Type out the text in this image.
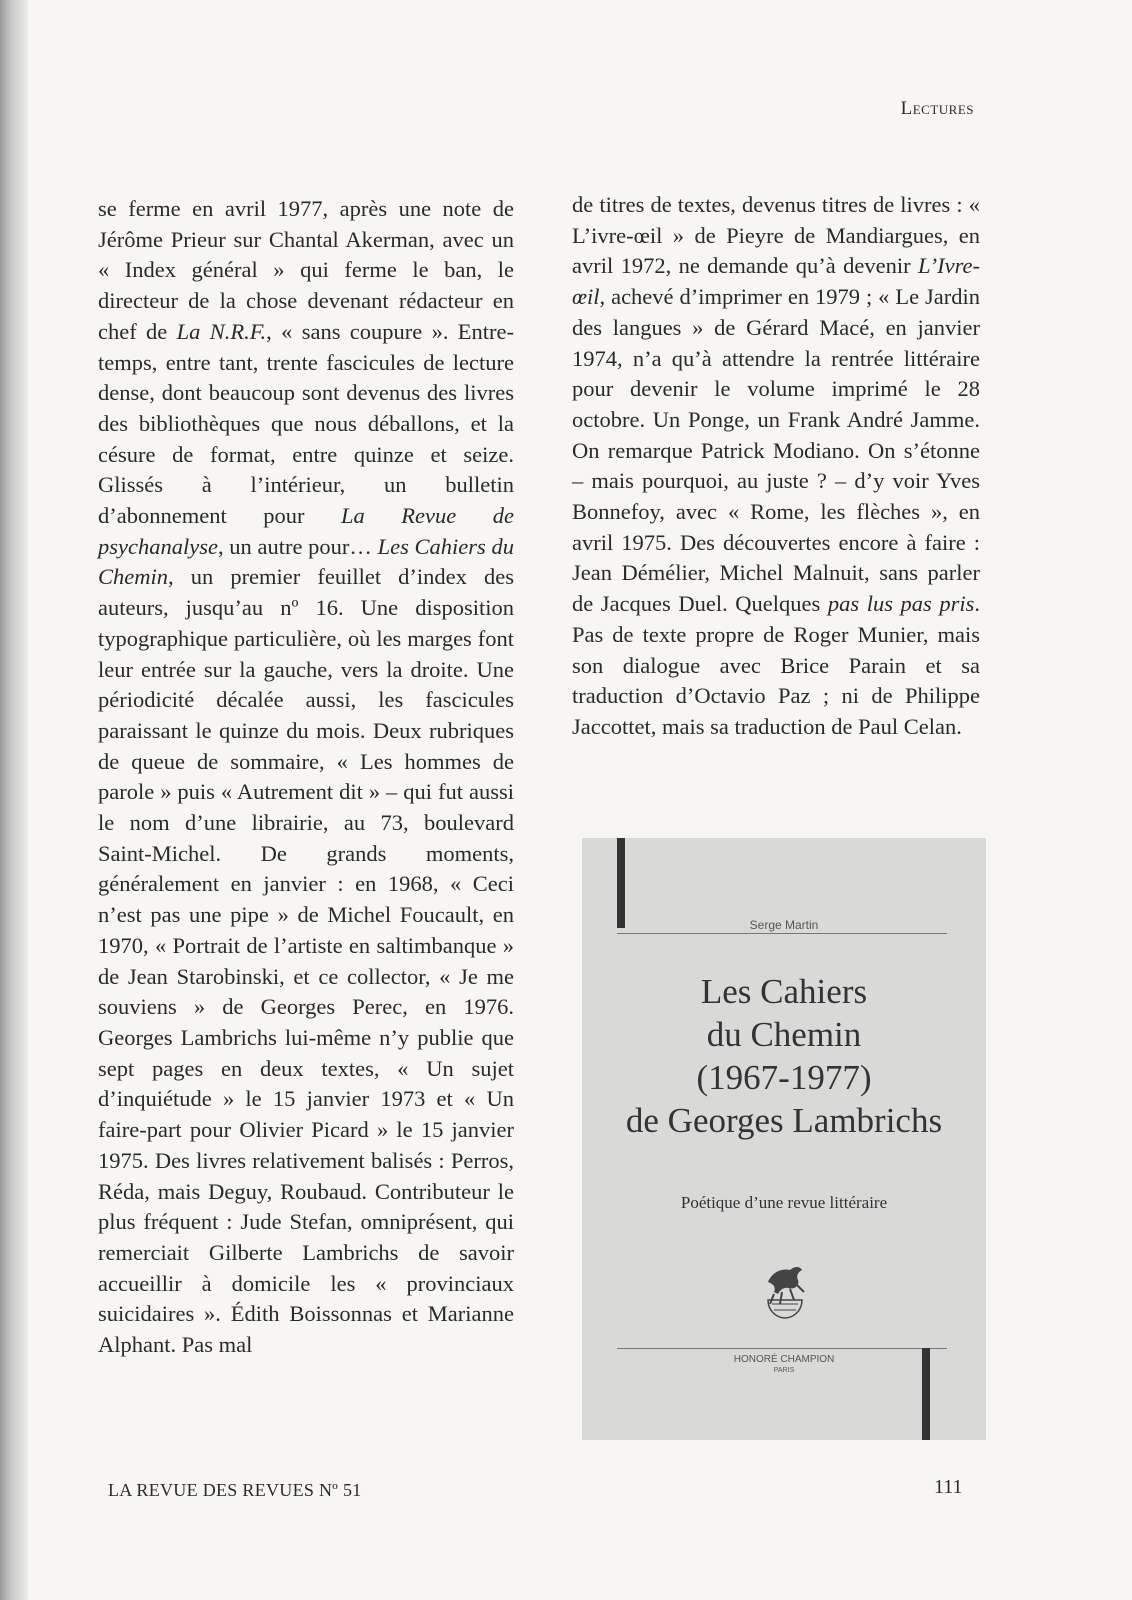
Lectures

se ferme en avril 1977, après une note de Jérôme Prieur sur Chantal Akerman, avec un « Index général » qui ferme le ban, le directeur de la chose devenant rédacteur en chef de La N.R.F., « sans coupure ». Entre-temps, entre tant, trente fascicules de lecture dense, dont beaucoup sont devenus des livres des bibliothèques que nous déballons, et la césure de format, entre quinze et seize. Glissés à l’intérieur, un bulletin d’abonnement pour La Revue de psychanalyse, un autre pour… Les Cahiers du Chemin, un premier feuillet d’index des auteurs, jusqu’au nº 16. Une disposition typographique particulière, où les marges font leur entrée sur la gauche, vers la droite. Une périodicité décalée aussi, les fascicules paraissant le quinze du mois. Deux rubriques de queue de sommaire, « Les hommes de parole » puis « Autrement dit » – qui fut aussi le nom d’une librairie, au 73, boulevard Saint-Michel. De grands moments, généralement en janvier : en 1968, « Ceci n’est pas une pipe » de Michel Foucault, en 1970, « Portrait de l’artiste en saltimbanque » de Jean Starobinski, et ce collector, « Je me souviens » de Georges Perec, en 1976. Georges Lambrichs lui-même n’y publie que sept pages en deux textes, « Un sujet d’inquiétude » le 15 janvier 1973 et « Un faire-part pour Olivier Picard » le 15 janvier 1975. Des livres relativement balisés : Perros, Réda, mais Deguy, Roubaud. Contributeur le plus fréquent : Jude Stefan, omniprésent, qui remerciait Gilberte Lambrichs de savoir accueillir à domicile les « provinciaux suicidaires ». Édith Boissonnas et Marianne Alphant. Pas mal

de titres de textes, devenus titres de livres : « L’ivre-œil » de Pieyre de Mandiargues, en avril 1972, ne demande qu’à devenir L’Ivre-œil, achevé d’imprimer en 1979 ; « Le Jardin des langues » de Gérard Macé, en janvier 1974, n’a qu’à attendre la rentrée littéraire pour devenir le volume imprimé le 28 octobre. Un Ponge, un Frank André Jamme. On remarque Patrick Modiano. On s’étonne – mais pourquoi, au juste ? – d’y voir Yves Bonnefoy, avec « Rome, les flèches », en avril 1975. Des découvertes encore à faire : Jean Démélier, Michel Malnuit, sans parler de Jacques Duel. Quelques pas lus pas pris. Pas de texte propre de Roger Munier, mais son dialogue avec Brice Parain et sa traduction d’Octavio Paz ; ni de Philippe Jaccottet, mais sa traduction de Paul Celan.

Serge Martin
Les Cahiers
du Chemin
(1967-1977)
de Georges Lambrichs
Poétique d’une revue littéraire
HONORÉ CHAMPION
PARIS
LA REVUE DES REVUES Nº 51	111
